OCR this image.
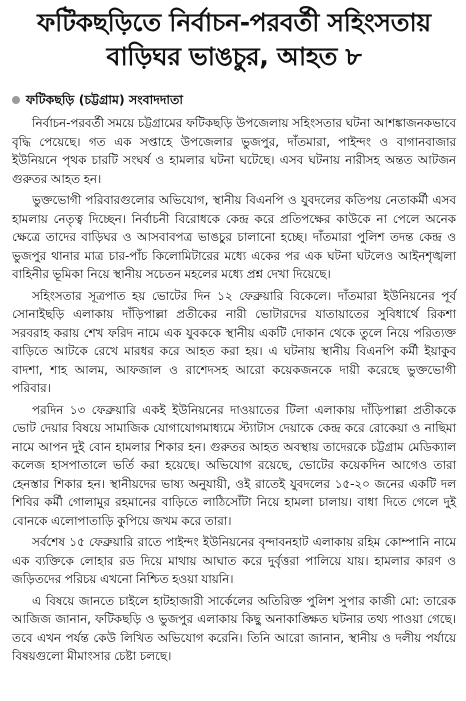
ফটিকছড়িতে নির্বাচন-পরবর্তী সহিংসতায়
বাড়িঘর ভাঙচুর, আহত ৮
ফটিকছড়ি (চট্টগ্রাম) সংবাদদাতা

নির্বাচন-পরবর্তী সময়ে চট্টগ্রামের ফটিকছড়ি উপজেলায় সহিংসতার ঘটনা আশঙ্কাজনকভাবে বৃদ্ধি পেয়েছে। গত এক সপ্তাহে উপজেলার ভুজপুর, দাঁতমারা, পাইন্দং ও বাগানবাজার ইউনিয়নে পৃথক চারটি সংঘর্ষ ও হামলার ঘটনা ঘটেছে। এসব ঘটনায় নারীসহ অন্তত আটজন গুরুতর আহত হন।

ভুক্তভোগী পরিবারগুলোর অভিযোগ, স্থানীয় বিএনপি ও যুবদলের কতিপয় নেতাকর্মী এসব হামলায় নেতৃত্ব দিচ্ছেন। নির্বাচনী বিরোধকে কেন্দ্র করে প্রতিপক্ষের কাউকে না পেলে অনেক ক্ষেত্রে তাদের বাড়িঘর ও আসবাবপত্র ভাঙচুর চালানো হচ্ছে। দাঁতমারা পুলিশ তদন্ত কেন্দ্র ও ভুজপুর থানার মাত্র চার-পাঁচ কিলোমিটারের মধ্যে একের পর এক ঘটনা ঘটলেও আইনশৃঙ্খলা বাহিনীর ভূমিকা নিয়ে স্থানীয় সচেতন মহলের মধ্যে প্রশ্ন দেখা দিয়েছে।

সহিংসতার সূত্রপাত হয় ভোটের দিন ১২ ফেব্রুয়ারি বিকেলে। দাঁতমারা ইউনিয়নের পূর্ব সোনাইছড়ি এলাকায় দাঁড়িপাল্লা প্রতীকের নারী ভোটারদের যাতায়াতের সুবিধার্থে রিকশা সরবরাহ করায় শেখ ফরিদ নামে এক যুবককে স্থানীয় একটি দোকান থেকে তুলে নিয়ে পরিত্যক্ত বাড়িতে আটকে রেখে মারধর করে আহত করা হয়। এ ঘটনায় স্থানীয় বিএনপি কর্মী ইয়াকুব বাদশা, শাহ আলম, আফজাল ও রাশেদসহ আরো কয়েকজনকে দায়ী করেছে ভুক্তভোগী পরিবার।

পরদিন ১৩ ফেব্রুয়ারি একই ইউনিয়নের দাওয়াতের টিলা এলাকায় দাঁড়িপাল্লা প্রতীককে ভোট দেয়ার বিষয়ে সামাজিক যোগাযোগমাধ্যমে স্ট্যাটাস দেয়াকে কেন্দ্র করে রোকেয়া ও নাছিমা নামে আপন দুই বোন হামলার শিকার হন। গুরুতর আহত অবস্থায় তাদেরকে চট্টগ্রাম মেডিক্যাল কলেজ হাসপাতালে ভর্তি করা হয়েছে। অভিযোগ রয়েছে, ভোটের কয়েকদিন আগেও তারা হেনস্তার শিকার হন। স্থানীয়দের ভাষ্য অনুযায়ী, ওই রাতেই যুবদলের ১৫-২০ জনের একটি দল শিবির কর্মী গোলামুর রহমানের বাড়িতে লাঠিসোঁটা নিয়ে হামলা চালায়। বাধা দিতে গেলে দুই বোনকে এলোপাতাড়ি কুপিয়ে জখম করে তারা।

সর্বশেষ ১৫ ফেব্রুয়ারি রাতে পাইন্দং ইউনিয়নের বৃন্দাবনহাট এলাকায় রহিম কোম্পানি নামে এক ব্যক্তিকে লোহার রড দিয়ে মাথায় আঘাত করে দুর্বৃত্তরা পালিয়ে যায়। হামলার কারণ ও জড়িতদের পরিচয় এখনো নিশ্চিত হওয়া যায়নি।

এ বিষয়ে জানতে চাইলে হাটহাজারী সার্কেলের অতিরিক্ত পুলিশ সুপার কাজী মো: তারেক আজিজ জানান, ফটিকছড়ি ও ভুজপুর এলাকায় কিছু অনাকাঙ্ক্ষিত ঘটনার তথ্য পাওয়া গেছে। তবে এখন পর্যন্ত কেউ লিখিত অভিযোগ করেনি। তিনি আরো জানান, স্থানীয় ও দলীয় পর্যায়ে বিষয়গুলো মীমাংসার চেষ্টা চলছে।
